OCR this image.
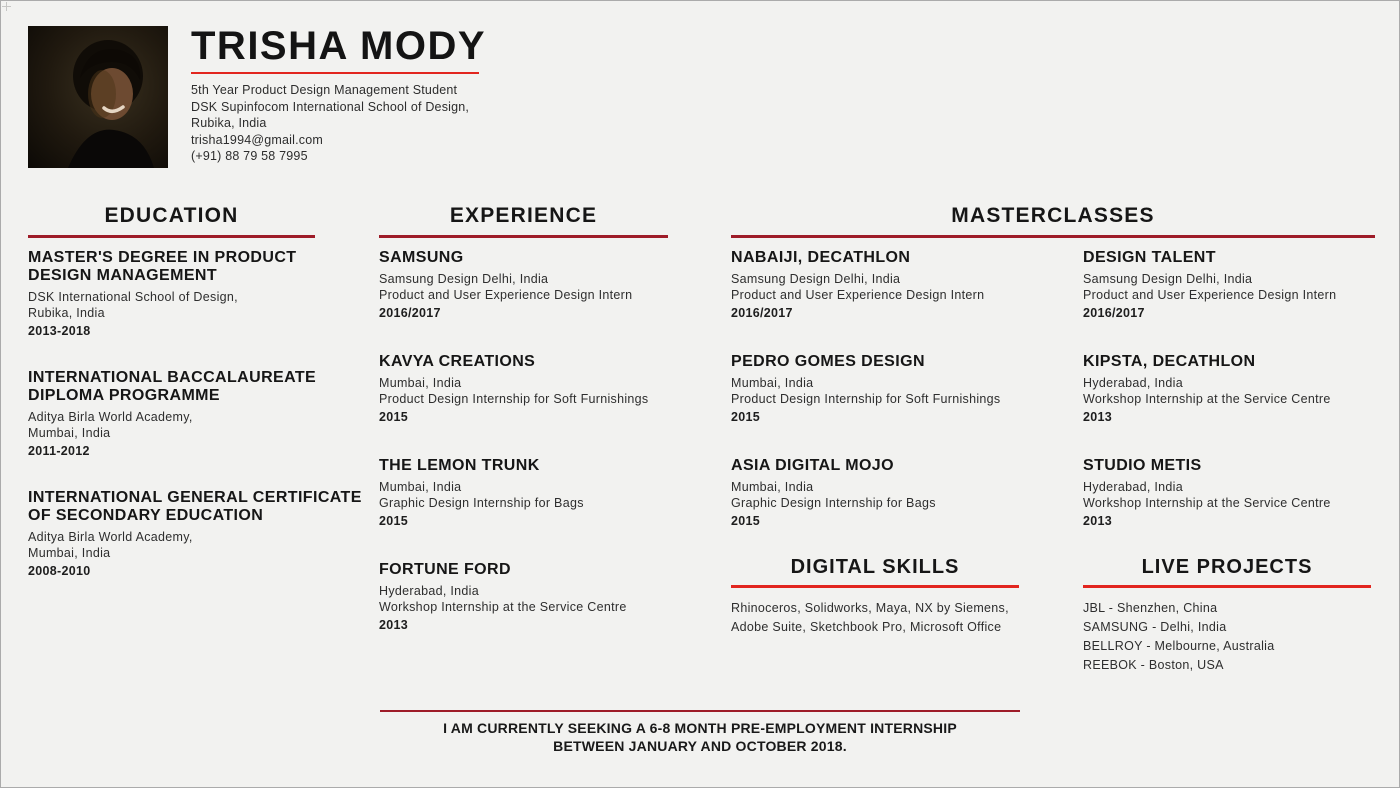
TRISHA MODY
5th Year Product Design Management Student
DSK Supinfocom International School of Design,
Rubika, India
trisha1994@gmail.com
(+91) 88 79 58 7995
EDUCATION	EXPERIENCE	MASTERCLASSES
MASTER'S DEGREE IN PRODUCT
DESIGN MANAGEMENT
DSK International School of Design,
Rubika, India
2013-2018
INTERNATIONAL BACCALAUREATE
DIPLOMA PROGRAMME
Aditya Birla World Academy,
Mumbai, India
2011-2012
INTERNATIONAL GENERAL CERTIFICATE
OF SECONDARY EDUCATION
Aditya Birla World Academy,
Mumbai, India
2008-2010
SAMSUNG
Samsung Design Delhi, India
Product and User Experience Design Intern
2016/2017
KAVYA CREATIONS
Mumbai, India
Product Design Internship for Soft Furnishings
2015
THE LEMON TRUNK
Mumbai, India
Graphic Design Internship for Bags
2015
FORTUNE FORD
Hyderabad, India
Workshop Internship at the Service Centre
2013
NABAIJI, DECATHLON
Samsung Design Delhi, India
Product and User Experience Design Intern
2016/2017
PEDRO GOMES DESIGN
Mumbai, India
Product Design Internship for Soft Furnishings
2015
ASIA DIGITAL MOJO
Mumbai, India
Graphic Design Internship for Bags
2015
DESIGN TALENT
Samsung Design Delhi, India
Product and User Experience Design Intern
2016/2017
KIPSTA, DECATHLON
Hyderabad, India
Workshop Internship at the Service Centre
2013
STUDIO METIS
Hyderabad, India
Workshop Internship at the Service Centre
2013
DIGITAL SKILLS
Rhinoceros, Solidworks, Maya, NX by Siemens,
Adobe Suite, Sketchbook Pro, Microsoft Office
LIVE PROJECTS
JBL - Shenzhen, China
SAMSUNG - Delhi, India
BELLROY - Melbourne, Australia
REEBOK - Boston, USA
I AM CURRENTLY SEEKING A 6-8 MONTH PRE-EMPLOYMENT INTERNSHIP
BETWEEN JANUARY AND OCTOBER 2018.
